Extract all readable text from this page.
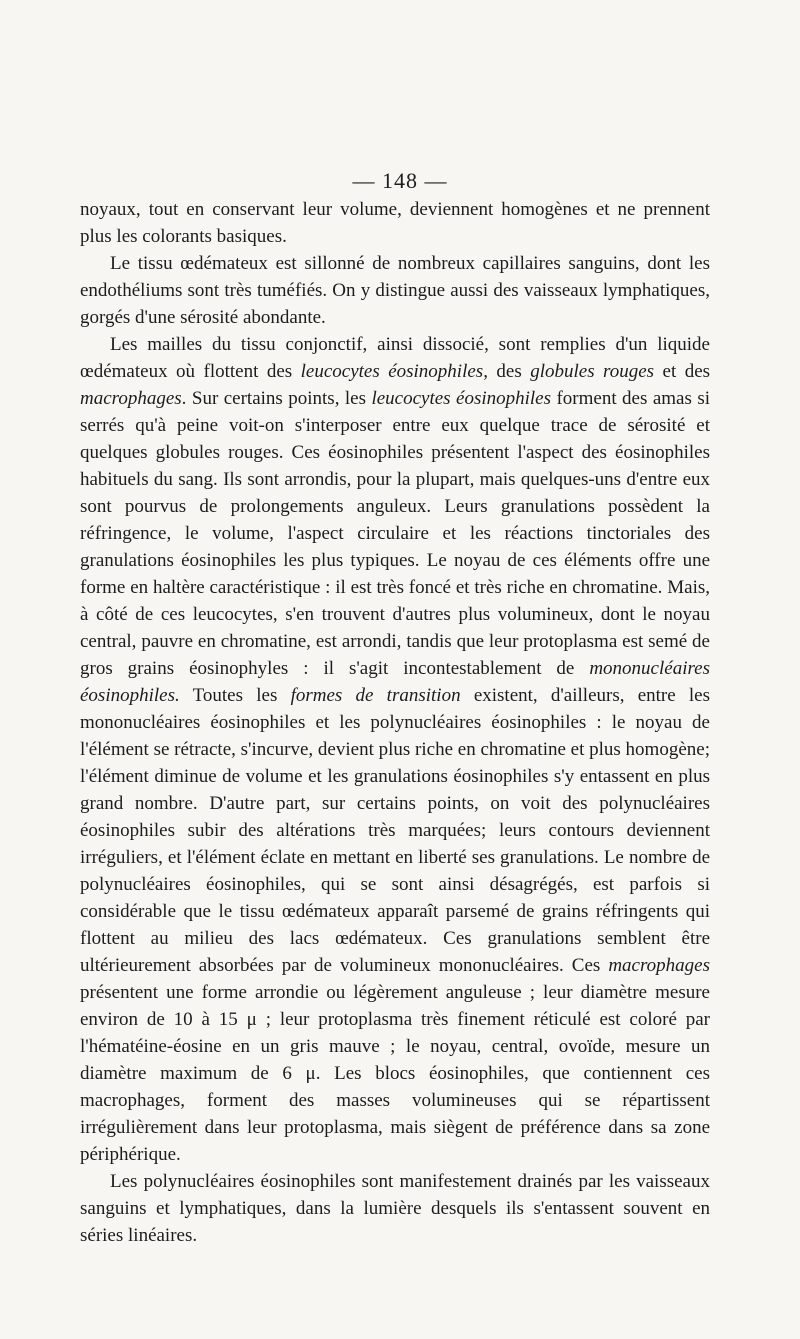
— 148 —

noyaux, tout en conservant leur volume, deviennent homogènes et ne prennent plus les colorants basiques.

Le tissu œdémateux est sillonné de nombreux capillaires sanguins, dont les endothéliums sont très tuméfiés. On y distingue aussi des vaisseaux lymphatiques, gorgés d'une sérosité abondante.

Les mailles du tissu conjonctif, ainsi dissocié, sont remplies d'un liquide œdémateux où flottent des leucocytes éosinophiles, des globules rouges et des macrophages. Sur certains points, les leucocytes éosinophiles forment des amas si serrés qu'à peine voit-on s'interposer entre eux quelque trace de sérosité et quelques globules rouges. Ces éosinophiles présentent l'aspect des éosinophiles habituels du sang. Ils sont arrondis, pour la plupart, mais quelques-uns d'entre eux sont pourvus de prolongements anguleux. Leurs granulations possèdent la réfringence, le volume, l'aspect circulaire et les réactions tinctoriales des granulations éosinophiles les plus typiques. Le noyau de ces éléments offre une forme en haltère caractéristique : il est très foncé et très riche en chromatine. Mais, à côté de ces leucocytes, s'en trouvent d'autres plus volumineux, dont le noyau central, pauvre en chromatine, est arrondi, tandis que leur protoplasma est semé de gros grains éosinophyles : il s'agit incontestablement de mononucléaires éosinophiles. Toutes les formes de transition existent, d'ailleurs, entre les mononucléaires éosinophiles et les polynucléaires éosinophiles : le noyau de l'élément se rétracte, s'incurve, devient plus riche en chromatine et plus homogène; l'élément diminue de volume et les granulations éosinophiles s'y entassent en plus grand nombre. D'autre part, sur certains points, on voit des polynucléaires éosinophiles subir des altérations très marquées; leurs contours deviennent irréguliers, et l'élément éclate en mettant en liberté ses granulations. Le nombre de polynucléaires éosinophiles, qui se sont ainsi désagrégés, est parfois si considérable que le tissu œdémateux apparaît parsemé de grains réfringents qui flottent au milieu des lacs œdémateux. Ces granulations semblent être ultérieurement absorbées par de volumineux mononucléaires. Ces macrophages présentent une forme arrondie ou légèrement anguleuse ; leur diamètre mesure environ de 10 à 15 μ ; leur protoplasma très finement réticulé est coloré par l'hématéine-éosine en un gris mauve ; le noyau, central, ovoïde, mesure un diamètre maximum de 6 μ. Les blocs éosinophiles, que contiennent ces macrophages, forment des masses volumineuses qui se répartissent irrégulièrement dans leur protoplasma, mais siègent de préférence dans sa zone périphérique.

Les polynucléaires éosinophiles sont manifestement drainés par les vaisseaux sanguins et lymphatiques, dans la lumière desquels ils s'entassent souvent en séries linéaires.
